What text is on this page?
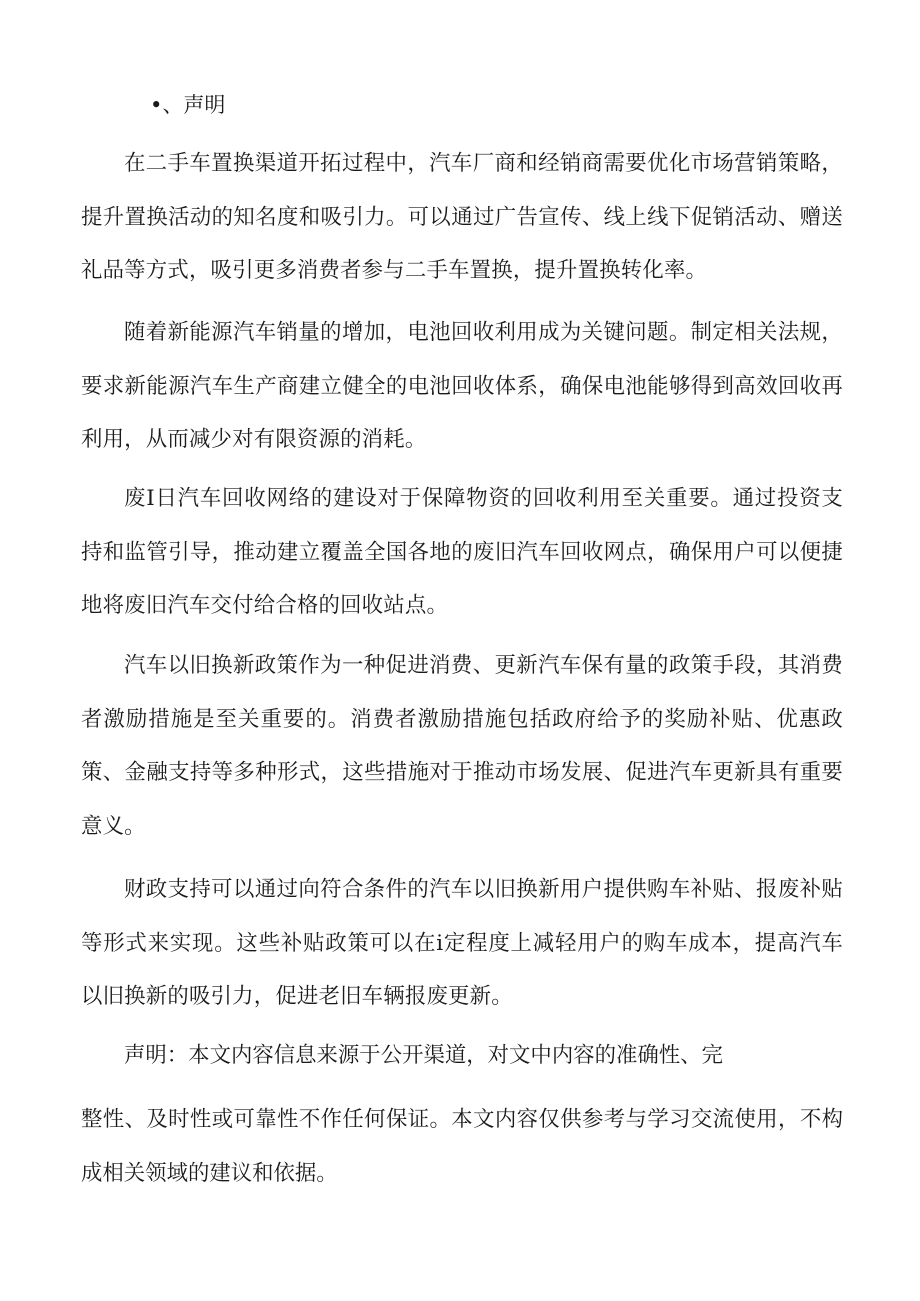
•、声明

在二手车置换渠道开拓过程中，汽车厂商和经销商需要优化市场营销策略，提升置换活动的知名度和吸引力。可以通过广告宣传、线上线下促销活动、赠送礼品等方式，吸引更多消费者参与二手车置换，提升置换转化率。

随着新能源汽车销量的增加，电池回收利用成为关键问题。制定相关法规，要求新能源汽车生产商建立健全的电池回收体系，确保电池能够得到高效回收再利用，从而减少对有限资源的消耗。

废Ⅰ日汽车回收网络的建设对于保障物资的回收利用至关重要。通过投资支持和监管引导，推动建立覆盖全国各地的废旧汽车回收网点，确保用户可以便捷地将废旧汽车交付给合格的回收站点。

汽车以旧换新政策作为一种促进消费、更新汽车保有量的政策手段，其消费者激励措施是至关重要的。消费者激励措施包括政府给予的奖励补贴、优惠政策、金融支持等多种形式，这些措施对于推动市场发展、促进汽车更新具有重要意义。

财政支持可以通过向符合条件的汽车以旧换新用户提供购车补贴、报废补贴等形式来实现。这些补贴政策可以在i定程度上减轻用户的购车成本，提高汽车以旧换新的吸引力，促进老旧车辆报废更新。

声明：本文内容信息来源于公开渠道，对文中内容的准确性、完

整性、及时性或可靠性不作任何保证。本文内容仅供参考与学习交流使用，不构成相关领域的建议和依据。
